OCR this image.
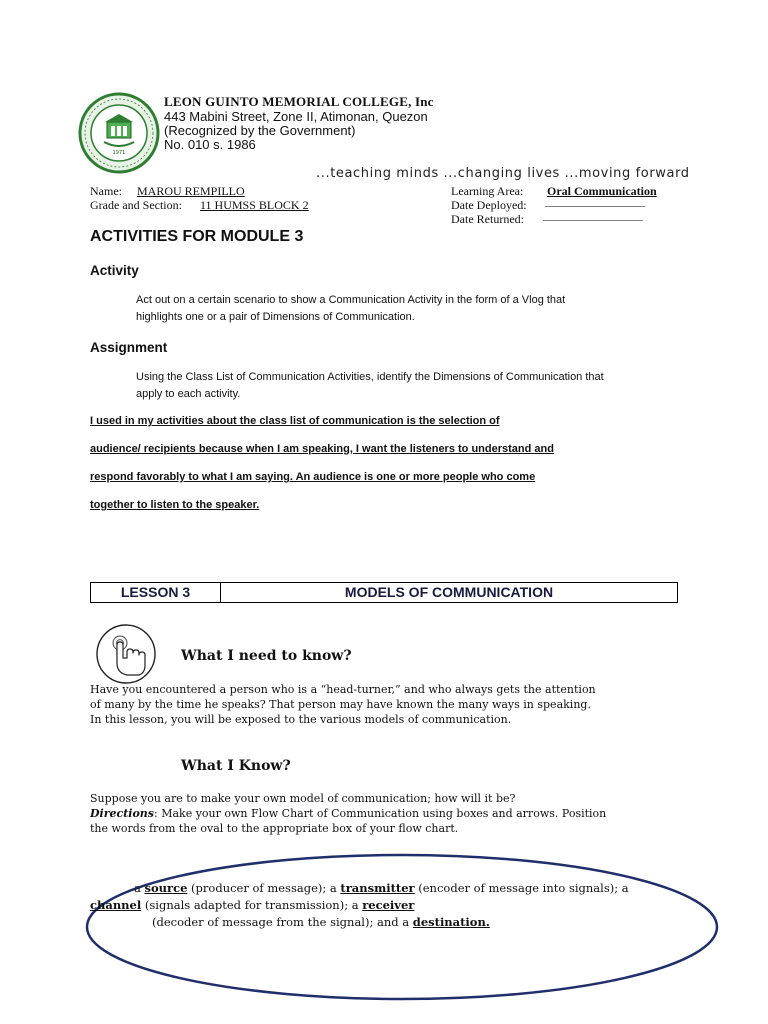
1971
LEON GUINTO MEMORIAL COLLEGE, Inc
443 Mabini Street, Zone II, Atimonan, Quezon
(Recognized by the Government)
No. 010 s. 1986
...teaching minds ...changing lives ...moving forward
Name: MAROU REMPILLO
Grade and Section: 11 HUMSS BLOCK 2
Learning Area: Oral Communication
Date Deployed: ____________________
Date Returned: ____________________
ACTIVITIES FOR MODULE 3
Activity
Act out on a certain scenario to show a Communication Activity in the form of a Vlog that
highlights one or a pair of Dimensions of Communication.
Assignment
Using the Class List of Communication Activities, identify the Dimensions of Communication that
apply to each activity.
I used in my activities about the class list of communication is the selection of
audience/ recipients because when I am speaking, I want the listeners to understand and
respond favorably to what I am saying. An audience is one or more people who come
together to listen to the speaker.
LESSON 3	MODELS OF COMMUNICATION
What I need to know?
Have you encountered a person who is a “head-turner,” and who always gets the attention
of many by the time he speaks? That person may have known the many ways in speaking.
In this lesson, you will be exposed to the various models of communication.
What I Know?
Suppose you are to make your own model of communication; how will it be?
Directions: Make your own Flow Chart of Communication using boxes and arrows. Position
the words from the oval to the appropriate box of your flow chart.
a source (producer of message); a transmitter (encoder of message into signals); a
channel (signals adapted for transmission); a receiver
(decoder of message from the signal); and a destination.
